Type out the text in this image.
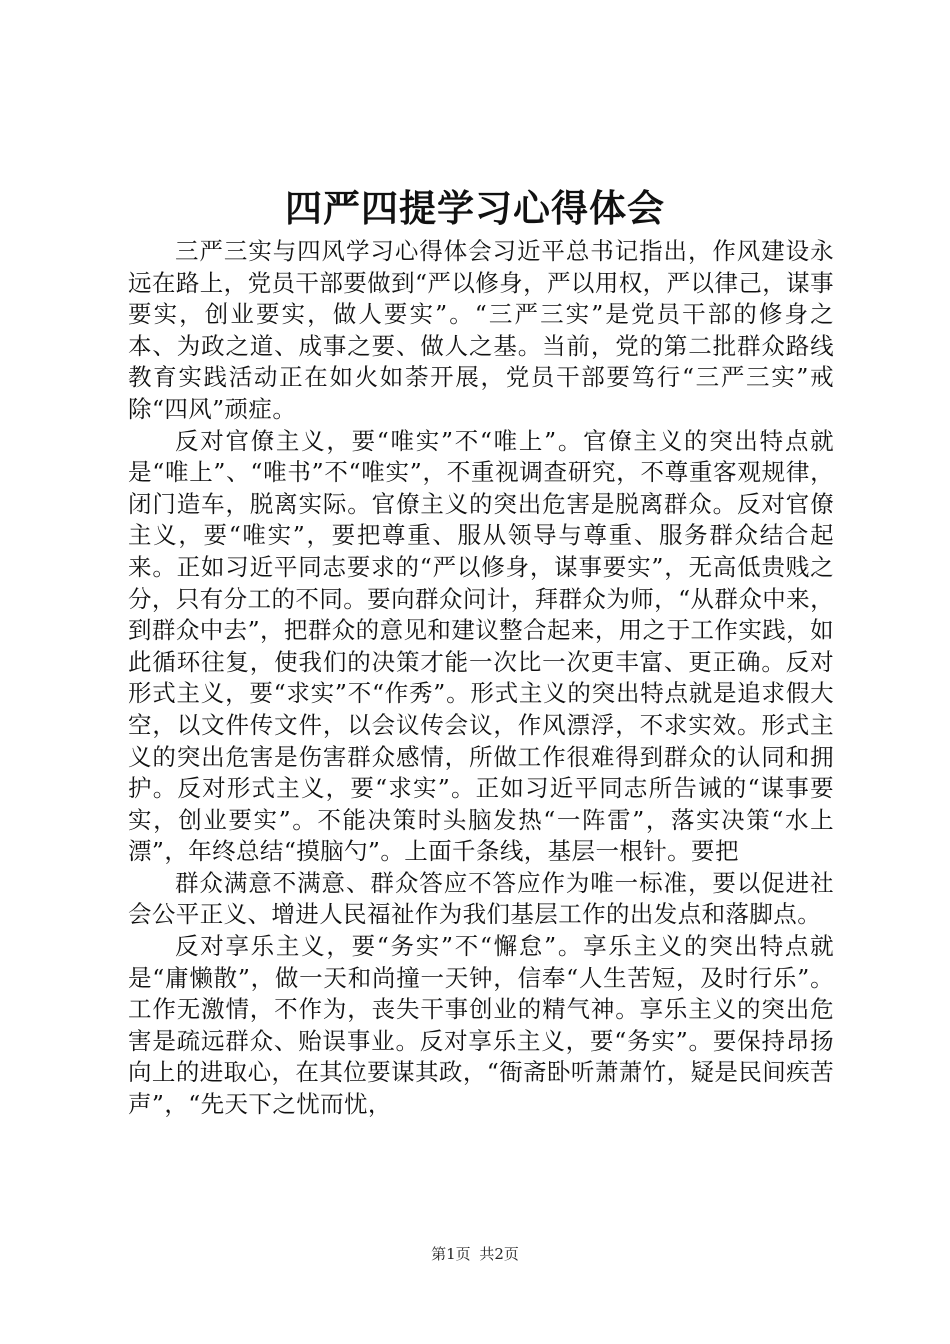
四严四提学习心得体会

三严三实与四风学习心得体会习近平总书记指出，作风建设永远在路上，党员干部要做到“严以修身，严以用权，严以律己，谋事要实，创业要实，做人要实”。“三严三实”是党员干部的修身之本、为政之道、成事之要、做人之基。当前，党的第二批群众路线教育实践活动正在如火如荼开展，党员干部要笃行“三严三实”戒除“四风”顽症。

反对官僚主义，要“唯实”不“唯上”。官僚主义的突出特点就是“唯上”、“唯书”不“唯实”，不重视调查研究，不尊重客观规律，闭门造车，脱离实际。官僚主义的突出危害是脱离群众。反对官僚主义，要“唯实”，要把尊重、服从领导与尊重、服务群众结合起来。正如习近平同志要求的“严以修身，谋事要实”，无高低贵贱之分，只有分工的不同。要向群众问计，拜群众为师，“从群众中来，到群众中去”，把群众的意见和建议整合起来，用之于工作实践，如此循环往复，使我们的决策才能一次比一次更丰富、更正确。反对形式主义，要“求实”不“作秀”。形式主义的突出特点就是追求假大空，以文件传文件，以会议传会议，作风漂浮，不求实效。形式主义的突出危害是伤害群众感情，所做工作很难得到群众的认同和拥护。反对形式主义，要“求实”。正如习近平同志所告诫的“谋事要实，创业要实”。不能决策时头脑发热“一阵雷”，落实决策“水上漂”，年终总结“摸脑勺”。上面千条线，基层一根针。要把

群众满意不满意、群众答应不答应作为唯一标准，要以促进社会公平正义、增进人民福祉作为我们基层工作的出发点和落脚点。

反对享乐主义，要“务实”不“懈怠”。享乐主义的突出特点就是“庸懒散”，做一天和尚撞一天钟，信奉“人生苦短，及时行乐”。工作无激情，不作为，丧失干事创业的精气神。享乐主义的突出危害是疏远群众、贻误事业。反对享乐主义，要“务实”。要保持昂扬向上的进取心，在其位要谋其政，“衙斋卧听萧萧竹，疑是民间疾苦声”，“先天下之忧而忧，

第1页 共2页
